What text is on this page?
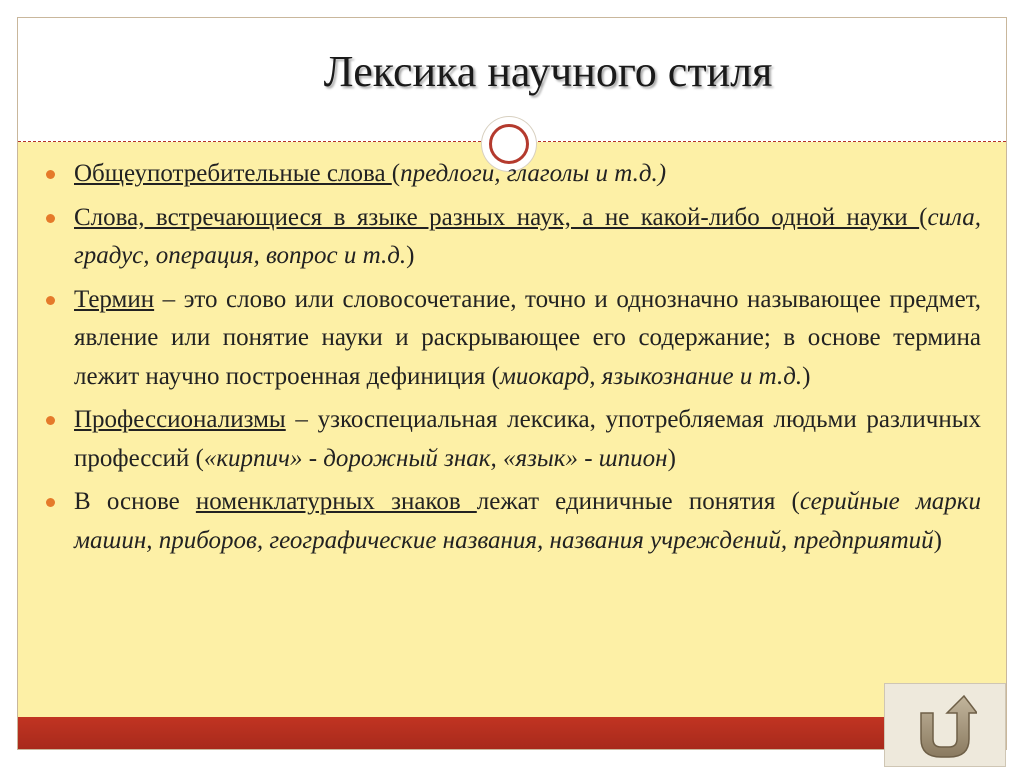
Лексика научного стиля
Общеупотребительные слова (предлоги, глаголы и т.д.)
Слова, встречающиеся в языке разных наук, а не какой-либо одной науки (сила, градус, операция, вопрос и т.д.)
Термин – это слово или словосочетание, точно и однозначно называющее предмет, явление или понятие науки и раскрывающее его содержание; в основе термина лежит научно построенная дефиниция (миокард, языкознание и т.д.)
Профессионализмы – узкоспециальная лексика, употребляемая людьми различных профессий («кирпич» - дорожный знак, «язык» - шпион)
В основе номенклатурных знаков лежат единичные понятия (серийные марки машин, приборов, географические названия, названия учреждений, предприятий)
